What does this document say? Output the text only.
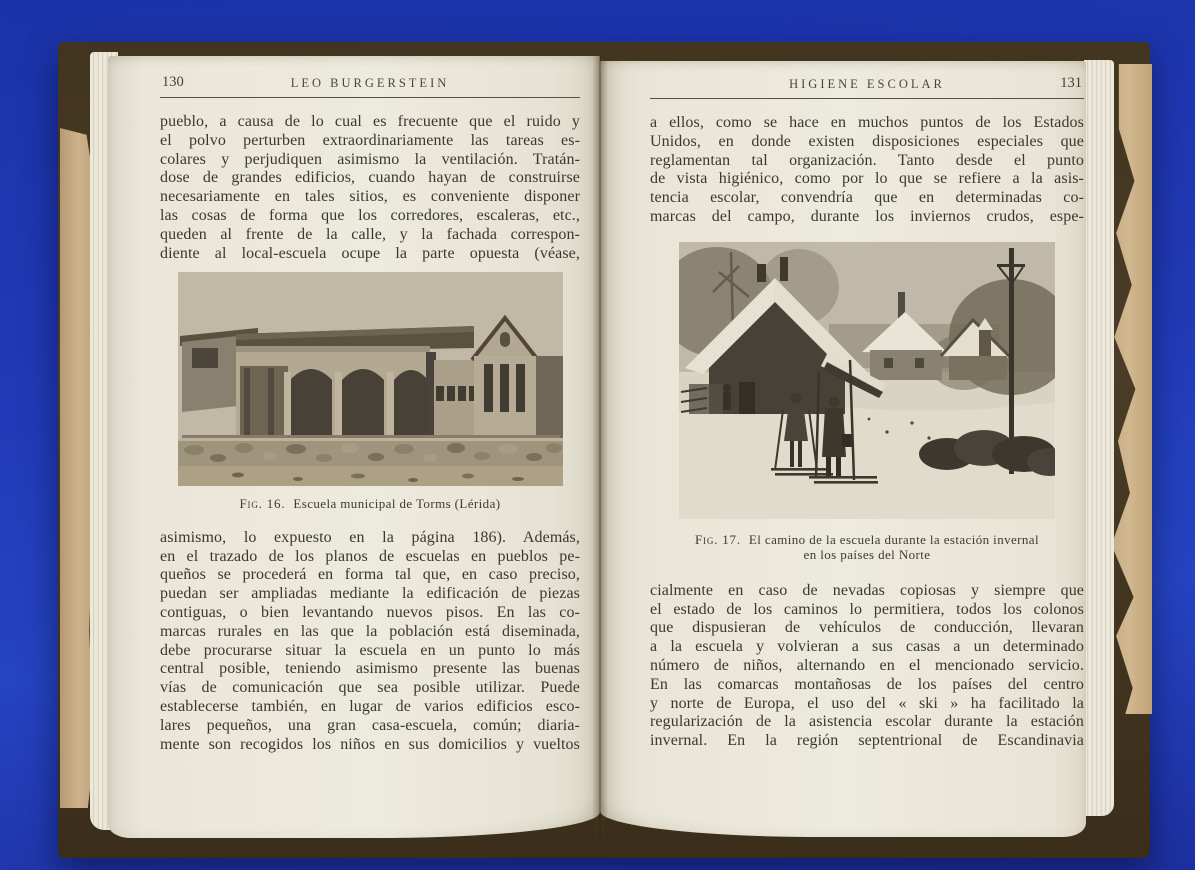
130	LEO BURGERSTEIN
pueblo, a causa de lo cual es frecuente que el ruido y
el polvo perturben extraordinariamente las tareas es-
colares y perjudiquen asimismo la ventilación. Tratán-
dose de grandes edificios, cuando hayan de construirse
necesariamente en tales sitios, es conveniente disponer
las cosas de forma que los corredores, escaleras, etc.,
queden al frente de la calle, y la fachada correspon-
diente al local-escuela ocupe la parte opuesta (véase,
Fig. 16. Escuela municipal de Torms (Lérida)
asimismo, lo expuesto en la página 186). Además,
en el trazado de los planos de escuelas en pueblos pe-
queños se procederá en forma tal que, en caso preciso,
puedan ser ampliadas mediante la edificación de piezas
contiguas, o bien levantando nuevos pisos. En las co-
marcas rurales en las que la población está diseminada,
debe procurarse situar la escuela en un punto lo más
central posible, teniendo asimismo presente las buenas
vías de comunicación que sea posible utilizar. Puede
establecerse también, en lugar de varios edificios esco-
lares pequeños, una gran casa-escuela, común; diaria-
mente son recogidos los niños en sus domicilios y vueltos
HIGIENE ESCOLAR	131
a ellos, como se hace en muchos puntos de los Estados
Unidos, en donde existen disposiciones especiales que
reglamentan tal organización. Tanto desde el punto
de vista higiénico, como por lo que se refiere a la asis-
tencia escolar, convendría que en determinadas co-
marcas del campo, durante los inviernos crudos, espe-
Fig. 17. El camino de la escuela durante la estación invernal
en los países del Norte
cialmente en caso de nevadas copiosas y siempre que
el estado de los caminos lo permitiera, todos los colonos
que dispusieran de vehículos de conducción, llevaran
a la escuela y volvieran a sus casas a un determinado
número de niños, alternando en el mencionado servicio.
En las comarcas montañosas de los países del centro
y norte de Europa, el uso del « ski » ha facilitado la
regularización de la asistencia escolar durante la estación
invernal. En la región septentrional de Escandinavia
